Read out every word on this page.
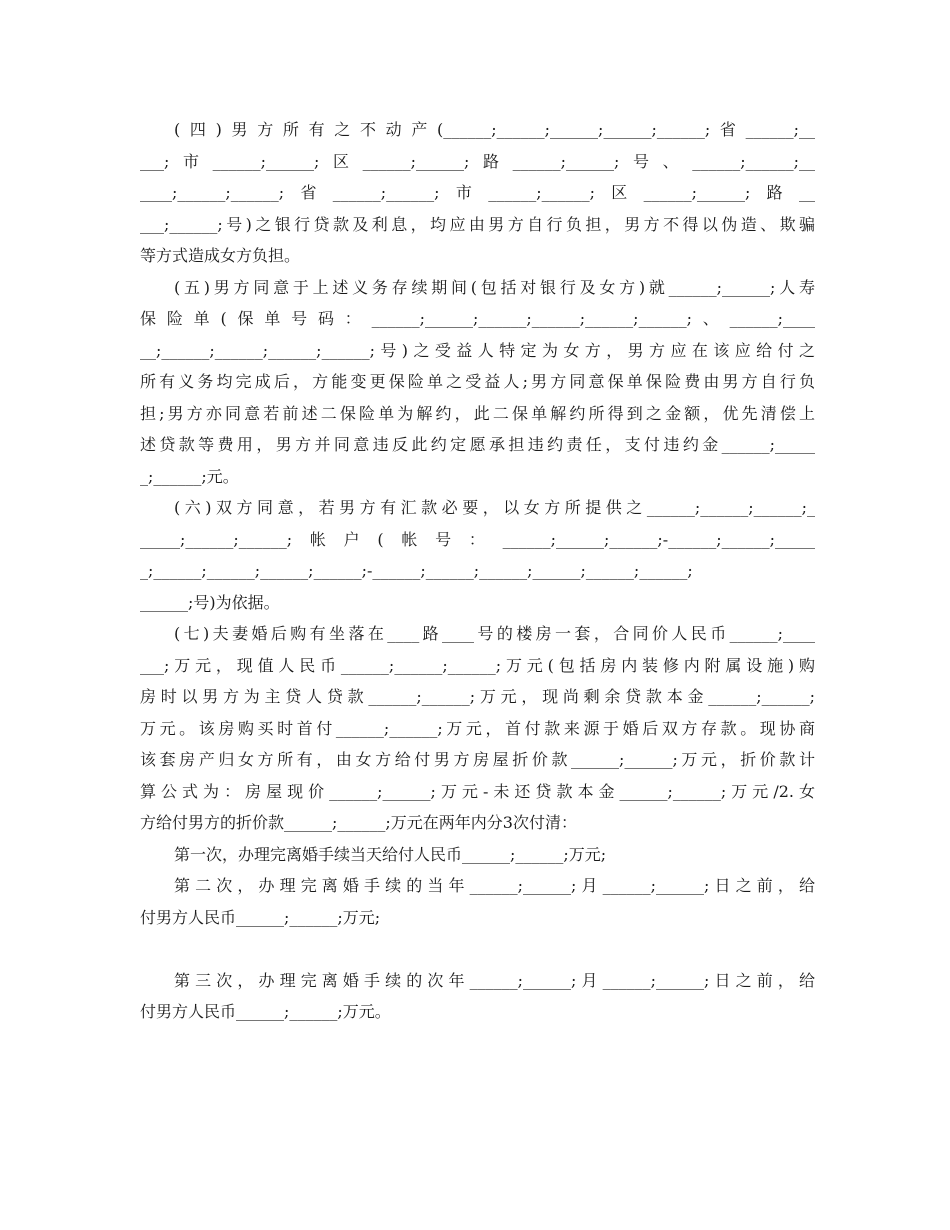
(四)男方所有之不动产(______;______;______;______;______;省______;__
___;市______;______;区______;______;路______;______;号、______;______;__
____;______;______;省______;______;市______;______;区______;______;路__
___;______;号)之银行贷款及利息，均应由男方自行负担，男方不得以伪造、欺骗
等方式造成女方负担。
(五)男方同意于上述义务存续期间(包括对银行及女方)就______;______;人寿
保险单(保单号码：______;______;______;______;______;______;、______;____
__;______;______;______;______;号)之受益人特定为女方，男方应在该应给付之
所有义务均完成后，方能变更保险单之受益人;男方同意保单保险费由男方自行负
担;男方亦同意若前述二保险单为解约，此二保单解约所得到之金额，优先清偿上
述贷款等费用，男方并同意违反此约定愿承担违约责任，支付违约金______;_____
_;______;元。
(六)双方同意，若男方有汇款必要，以女方所提供之______;______;______;_
_____;______;______;帐户(帐号：______;______;______;-______;______;_____
_;______;______;______;______;-______;______;______;______;______;______;
______;号)为依据。
(七)夫妻婚后购有坐落在____路____号的楼房一套，合同价人民币______;____
___;万元，现值人民币______;______;______;万元(包括房内装修内附属设施)购
房时以男方为主贷人贷款______;______;万元，现尚剩余贷款本金______;______;
万元。该房购买时首付______;______;万元，首付款来源于婚后双方存款。现协商
该套房产归女方所有，由女方给付男方房屋折价款______;______;万元，折价款计
算公式为：房屋现价______;______;万元-未还贷款本金______;______;万元/2.女
方给付男方的折价款______;______;万元在两年内分3次付清：
第一次，办理完离婚手续当天给付人民币______;______;万元;
第二次，办理完离婚手续的当年______;______;月______;______;日之前，给
付男方人民币______;______;万元;
第三次，办理完离婚手续的次年______;______;月______;______;日之前，给
付男方人民币______;______;万元。
